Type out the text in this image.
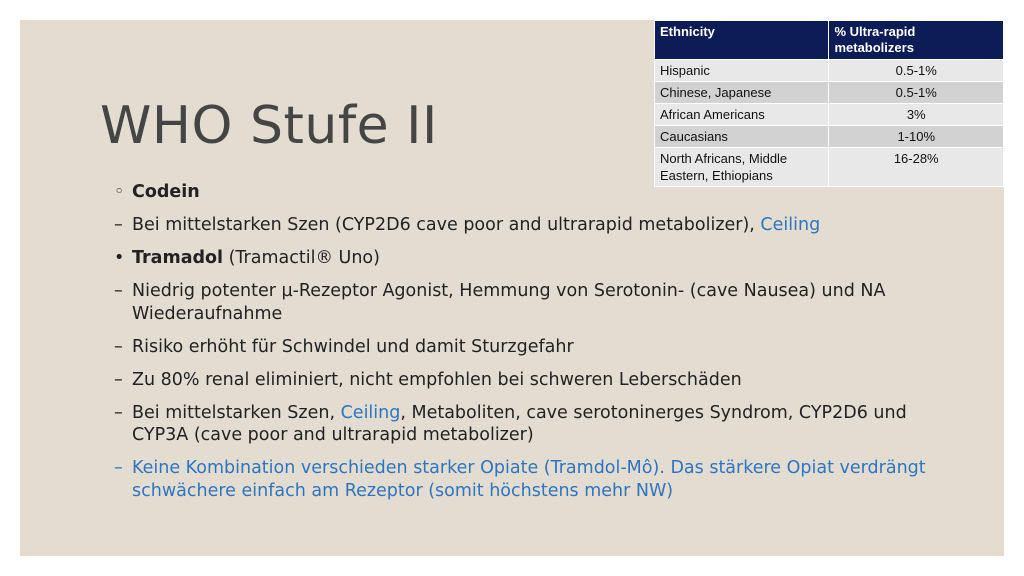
WHO Stufe II
◦ Codein
– Bei mittelstarken Szen (CYP2D6 cave poor and ultrarapid metabolizer), Ceiling
• Tramadol (Tramactil® Uno)
– Niedrig potenter µ-Rezeptor Agonist, Hemmung von Serotonin- (cave Nausea) und NA Wiederaufnahme
– Risiko erhöht für Schwindel und damit Sturzgefahr
– Zu 80% renal eliminiert, nicht empfohlen bei schweren Leberschäden
– Bei mittelstarken Szen, Ceiling, Metaboliten, cave serotoninerges Syndrom, CYP2D6 und CYP3A (cave poor and ultrarapid metabolizer)
– Keine Kombination verschieden starker Opiate (Tramdol-Mô). Das stärkere Opiat verdrängt schwächere einfach am Rezeptor (somit höchstens mehr NW)
Ethnicity	% Ultra-rapid metabolizers
Hispanic	0.5-1%
Chinese, Japanese	0.5-1%
African Americans	3%
Caucasians	1-10%
North Africans, Middle Eastern, Ethiopians	16-28%
